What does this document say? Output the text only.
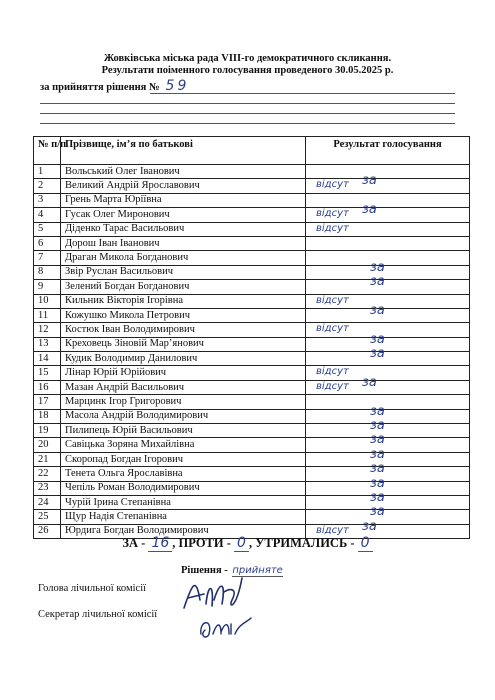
Жовківська міська рада VIII-го демократичного скликання.
Результати поіменного голосування проведеного 30.05.2025 р.
за прийняття рішення № 59
№ п/п	Прізвище, ім’я по батькові	Результат голосування
1	Вольський Олег Іванович	
2	Великий Андрій Ярославович	відсут за

3	Грень Марта Юріївна	
4	Гусак Олег Миронович	відсут за

5	Діденко Тарас Васильович	відсут

6	Дорош Іван Іванович	
7	Драган Микола Богданович	
8	Звір Руслан Васильович	за

9	Зелений Богдан Богданович	за

10	Кильник Вікторія Ігорівна	відсут

11	Кожушко Микола Петрович	за

12	Костюк Іван Володимирович	відсут

13	Креховець Зіновій Мар’янович	за

14	Кудик Володимир Данилович	за

15	Лінар Юрій Юрійович	відсут

16	Мазан Андрій Васильович	відсут за

17	Марцинк Ігор Григорович	
18	Масола Андрій Володимирович	за

19	Пилипець Юрій Васильович	за

20	Савіцька Зоряна Михайлівна	за

21	Скоропад Богдан Ігорович	за

22	Тенета Ольга Ярославівна	за

23	Чепіль Роман Володимирович	за

24	Чурій Ірина Степанівна	за

25	Щур Надія Степанівна	за

26	Юрдига Богдан Володимирович	відсут за
ЗА - 16 , ПРОТИ - 0 , УТРИМАЛИСЬ - 0
Рішення - прийняте
Голова лічильної комісії
Секретар лічильної комісії
